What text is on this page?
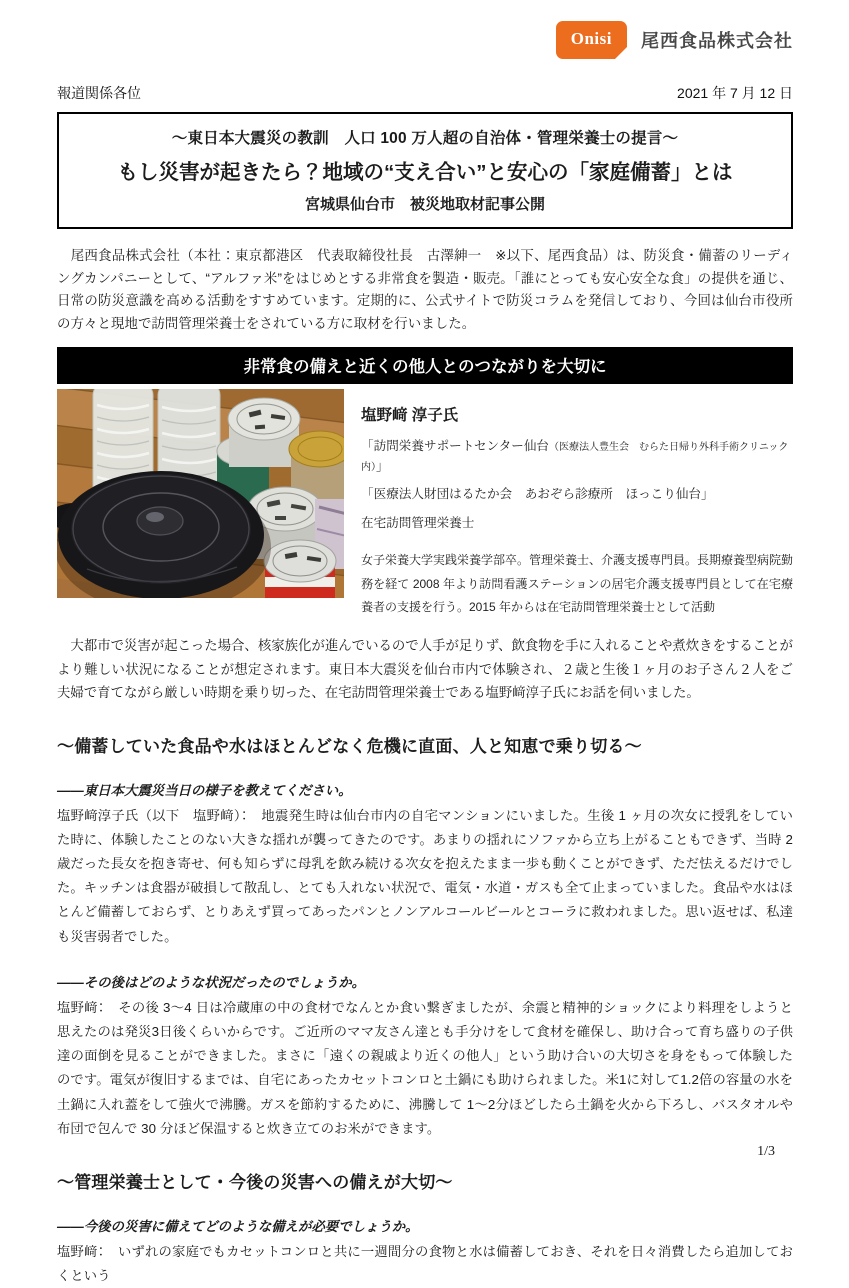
Onisi	尾西食品株式会社
報道関係各位	2021 年 7 月 12 日
～東日本大震災の教訓　人口 100 万人超の自治体・管理栄養士の提言～
もし災害が起きたら？地域の“支え合い”と安心の「家庭備蓄」とは
宮城県仙台市　被災地取材記事公開

　尾西食品株式会社（本社：東京都港区　代表取締役社長　古澤紳一　※以下、尾西食品）は、防災食・備蓄のリーディングカンパニーとして、“アルファ米”をはじめとする非常食を製造・販売。「誰にとっても安心安全な食」の提供を通じ、日常の防災意識を高める活動をすすめています。定期的に、公式サイトで防災コラムを発信しており、今回は仙台市役所の方々と現地で訪問管理栄養士をされている方に取材を行いました。

非常食の備えと近くの他人とのつながりを大切に
塩野﨑 淳子氏
「訪問栄養サポートセンター仙台（医療法人豊生会　むらた日帰り外科手術クリニック内）」
「医療法人財団はるたか会　あおぞら診療所　ほっこり仙台」
在宅訪問管理栄養士

女子栄養大学実践栄養学部卒。管理栄養士、介護支援専門員。長期療養型病院勤務を経て 2008 年より訪問看護ステーションの居宅介護支援専門員として在宅療養者の支援を行う。2015 年からは在宅訪問管理栄養士として活動

　大都市で災害が起こった場合、核家族化が進んでいるので人手が足りず、飲食物を手に入れることや煮炊きをすることがより難しい状況になることが想定されます。東日本大震災を仙台市内で体験され、２歳と生後１ヶ月のお子さん２人をご夫婦で育てながら厳しい時期を乗り切った、在宅訪問管理栄養士である塩野﨑淳子氏にお話を伺いました。

～備蓄していた食品や水はほとんどなく危機に直面、人と知恵で乗り切る～

――東日本大震災当日の様子を教えてください。

塩野﨑淳子氏（以下　塩野﨑）：　地震発生時は仙台市内の自宅マンションにいました。生後 1 ヶ月の次女に授乳をしていた時に、体験したことのない大きな揺れが襲ってきたのです。あまりの揺れにソファから立ち上がることもできず、当時 2 歳だった長女を抱き寄せ、何も知らずに母乳を飲み続ける次女を抱えたまま一歩も動くことができず、ただ怯えるだけでした。キッチンは食器が破損して散乱し、とても入れない状況で、電気・水道・ガスも全て止まっていました。食品や水はほとんど備蓄しておらず、とりあえず買ってあったパンとノンアルコールビールとコーラに救われました。思い返せば、私達も災害弱者でした。

――その後はどのような状況だったのでしょうか。

塩野﨑：　その後 3～4 日は冷蔵庫の中の食材でなんとか食い繋ぎましたが、余震と精神的ショックにより料理をしようと思えたのは発災3日後くらいからです。ご近所のママ友さん達とも手分けをして食材を確保し、助け合って育ち盛りの子供達の面倒を見ることができました。まさに「遠くの親戚より近くの他人」という助け合いの大切さを身をもって体験したのです。電気が復旧するまでは、自宅にあったカセットコンロと土鍋にも助けられました。米1に対して1.2倍の容量の水を土鍋に入れ蓋をして強火で沸騰。ガスを節約するために、沸騰して 1～2分ほどしたら土鍋を火から下ろし、バスタオルや布団で包んで 30 分ほど保温すると炊き立てのお米ができます。

～管理栄養士として・今後の災害への備えが大切～

――今後の災害に備えてどのような備えが必要でしょうか。

塩野﨑：　いずれの家庭でもカセットコンロと共に一週間分の食物と水は備蓄しておき、それを日々消費したら追加しておくという

1/3
